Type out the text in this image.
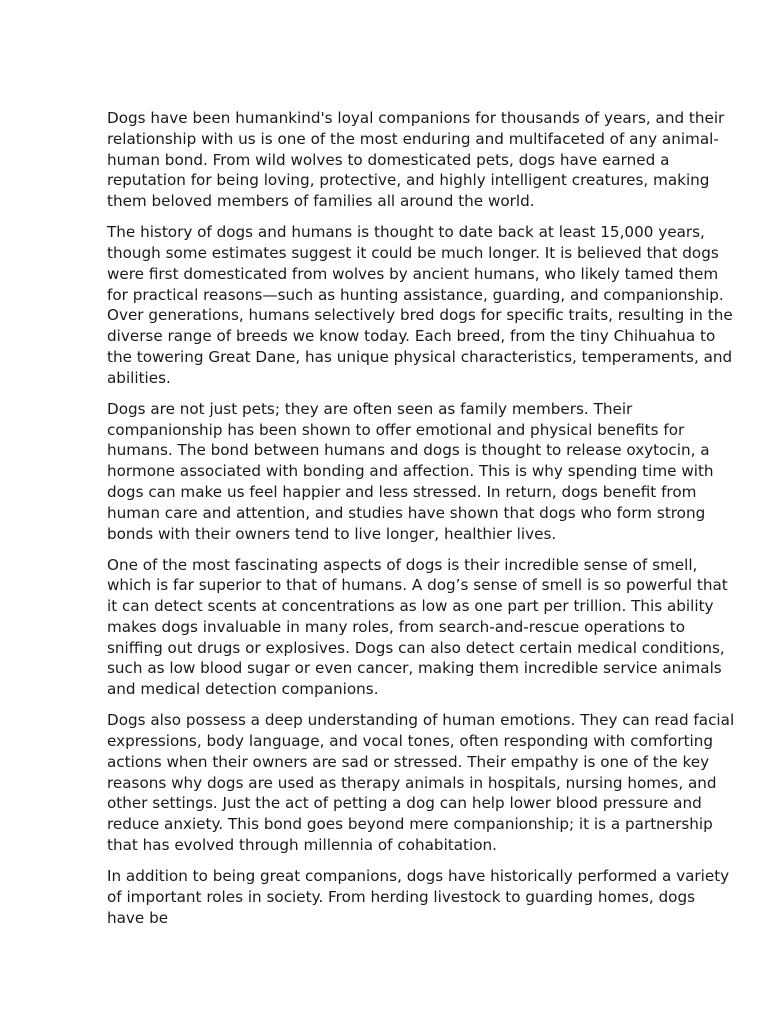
Dogs have been humankind's loyal companions for thousands of years, and their relationship with us is one of the most enduring and multifaceted of any animal-human bond. From wild wolves to domesticated pets, dogs have earned a reputation for being loving, protective, and highly intelligent creatures, making them beloved members of families all around the world.

The history of dogs and humans is thought to date back at least 15,000 years, though some estimates suggest it could be much longer. It is believed that dogs were first domesticated from wolves by ancient humans, who likely tamed them for practical reasons—such as hunting assistance, guarding, and companionship. Over generations, humans selectively bred dogs for specific traits, resulting in the diverse range of breeds we know today. Each breed, from the tiny Chihuahua to the towering Great Dane, has unique physical characteristics, temperaments, and abilities.

Dogs are not just pets; they are often seen as family members. Their companionship has been shown to offer emotional and physical benefits for humans. The bond between humans and dogs is thought to release oxytocin, a hormone associated with bonding and affection. This is why spending time with dogs can make us feel happier and less stressed. In return, dogs benefit from human care and attention, and studies have shown that dogs who form strong bonds with their owners tend to live longer, healthier lives.

One of the most fascinating aspects of dogs is their incredible sense of smell, which is far superior to that of humans. A dog’s sense of smell is so powerful that it can detect scents at concentrations as low as one part per trillion. This ability makes dogs invaluable in many roles, from search-and-rescue operations to sniffing out drugs or explosives. Dogs can also detect certain medical conditions, such as low blood sugar or even cancer, making them incredible service animals and medical detection companions.

Dogs also possess a deep understanding of human emotions. They can read facial expressions, body language, and vocal tones, often responding with comforting actions when their owners are sad or stressed. Their empathy is one of the key reasons why dogs are used as therapy animals in hospitals, nursing homes, and other settings. Just the act of petting a dog can help lower blood pressure and reduce anxiety. This bond goes beyond mere companionship; it is a partnership that has evolved through millennia of cohabitation.

In addition to being great companions, dogs have historically performed a variety of important roles in society. From herding livestock to guarding homes, dogs have be
